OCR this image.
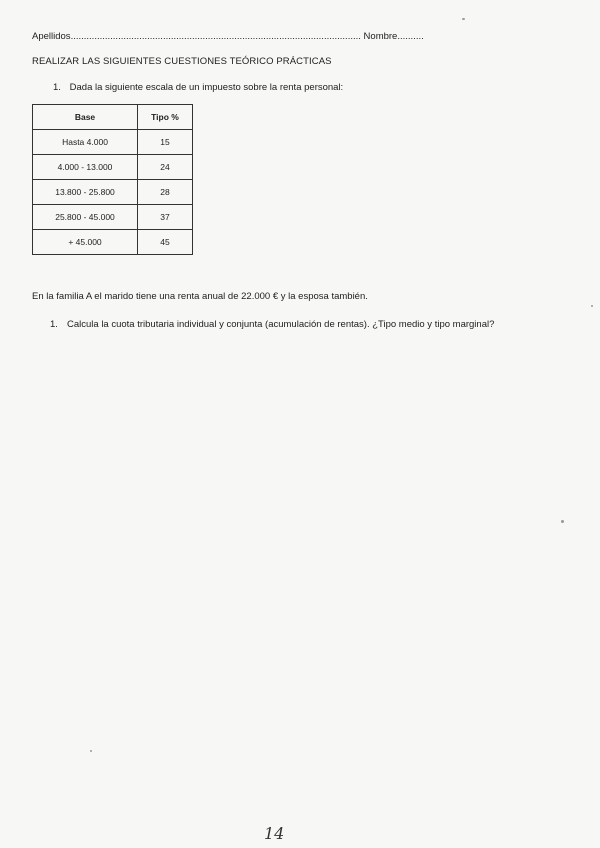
Apellidos.............................................................................................................. Nombre..........
REALIZAR LAS SIGUIENTES CUESTIONES TEÓRICO PRÁCTICAS
1. Dada la siguiente escala de un impuesto sobre la renta personal:
Base	Tipo %
Hasta 4.000	15
4.000 - 13.000	24
13.800 - 25.800	28
25.800 - 45.000	37
+ 45.000	45
En la familia A el marido tiene una renta anual de 22.000 € y la esposa también.
1. Calcula la cuota tributaria individual y conjunta (acumulación de rentas). ¿Tipo medio y tipo marginal?
14
